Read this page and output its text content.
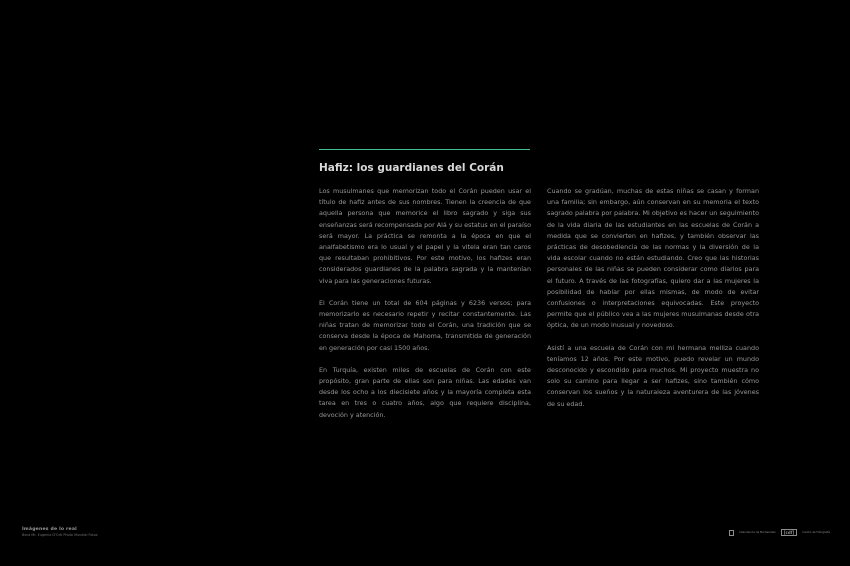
Hafiz: los guardianes del Corán

Los musulmanes que memorizan todo el Corán pueden usar el título de hafiz antes de sus nombres. Tienen la creencia de que aquella persona que memorice el libro sagrado y siga sus enseñanzas será recompensada por Alá y su estatus en el paraíso será mayor. La práctica se remonta a la época en que el analfabetismo era lo usual y el papel y la vitela eran tan caros que resultaban prohibitivos. Por este motivo, los hafizes eran considerados guardianes de la palabra sagrada y la mantenían viva para las generaciones futuras.

El Corán tiene un total de 604 páginas y 6236 versos; para memorizarlo es necesario repetir y recitar constantemente. Las niñas tratan de memorizar todo el Corán, una tradición que se conserva desde la época de Mahoma, transmitida de generación en generación por casi 1500 años.

En Turquía, existen miles de escuelas de Corán con este propósito, gran parte de ellas son para niñas. Las edades van desde los ocho a los diecisiete años y la mayoría completa esta tarea en tres o cuatro años, algo que requiere disciplina, devoción y atención.

Cuando se gradúan, muchas de estas niñas se casan y forman una familia; sin embargo, aún conservan en su memoria el texto sagrado palabra por palabra. Mi objetivo es hacer un seguimiento de la vida diaria de las estudiantes en las escuelas de Corán a medida que se convierten en hafizes, y también observar las prácticas de desobediencia de las normas y la diversión de la vida escolar cuando no están estudiando. Creo que las historias personales de las niñas se pueden considerar como diarios para el futuro. A través de las fotografías, quiero dar a las mujeres la posibilidad de hablar por ellas mismas, de modo de evitar confusiones o interpretaciones equivocadas. Este proyecto permite que el público vea a las mujeres musulmanas desde otra óptica, de un modo inusual y novedoso.

Asistí a una escuela de Corán con mi hermana melliza cuando teníamos 12 años. Por este motivo, puedo revelar un mundo desconocido y escondido para muchos. Mi proyecto muestra no solo su camino para llegar a ser hafizes, sino también cómo conservan los sueños y la naturaleza aventurera de las jóvenes de su edad.

Imágenes de lo real
Beca Mr. Eugenio D'Orti Photo Mundial Fotos
Intendencia de Montevideo	[cdf]	Centro de Fotografía
